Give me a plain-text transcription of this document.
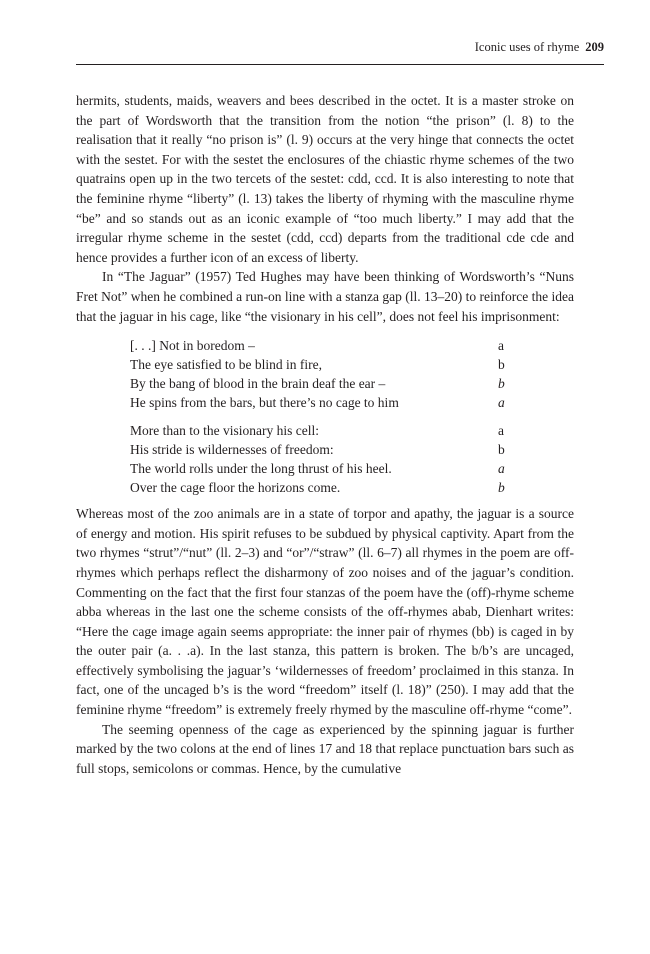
Iconic uses of rhyme 209

hermits, students, maids, weavers and bees described in the octet. It is a master stroke on the part of Wordsworth that the transition from the notion “the prison” (l. 8) to the realisation that it really “no prison is” (l. 9) occurs at the very hinge that connects the octet with the sestet. For with the sestet the enclosures of the chiastic rhyme schemes of the two quatrains open up in the two tercets of the sestet: cdd, ccd. It is also interesting to note that the feminine rhyme “liberty” (l. 13) takes the liberty of rhyming with the masculine rhyme “be” and so stands out as an iconic example of “too much liberty.” I may add that the irregular rhyme scheme in the sestet (cdd, ccd) departs from the traditional cde cde and hence provides a further icon of an excess of liberty.

In “The Jaguar” (1957) Ted Hughes may have been thinking of Wordsworth’s “Nuns Fret Not” when he combined a run-on line with a stanza gap (ll. 13–20) to reinforce the idea that the jaguar in his cage, like “the visionary in his cell”, does not feel his imprisonment:

[. . .] Not in boredom –	a
The eye satisfied to be blind in fire,	b
By the bang of blood in the brain deaf the ear –	b
He spins from the bars, but there’s no cage to him	a
More than to the visionary his cell:	a
His stride is wildernesses of freedom:	b
The world rolls under the long thrust of his heel.	a
Over the cage floor the horizons come.	b

Whereas most of the zoo animals are in a state of torpor and apathy, the jaguar is a source of energy and motion. His spirit refuses to be subdued by physical captivity. Apart from the two rhymes “strut”/“nut” (ll. 2–3) and “or”/“straw” (ll. 6–7) all rhymes in the poem are off-rhymes which perhaps reflect the disharmony of zoo noises and of the jaguar’s condition. Commenting on the fact that the first four stanzas of the poem have the (off)-rhyme scheme abba whereas in the last one the scheme consists of the off-rhymes abab, Dienhart writes: “Here the cage image again seems appropriate: the inner pair of rhymes (bb) is caged in by the outer pair (a. . .a). In the last stanza, this pattern is broken. The b/b’s are uncaged, effectively symbolising the jaguar’s ‘wildernesses of freedom’ proclaimed in this stanza. In fact, one of the uncaged b’s is the word “freedom” itself (l. 18)” (250). I may add that the feminine rhyme “freedom” is extremely freely rhymed by the masculine off-rhyme “come”.

The seeming openness of the cage as experienced by the spinning jaguar is further marked by the two colons at the end of lines 17 and 18 that replace punctuation bars such as full stops, semicolons or commas. Hence, by the cumulative
